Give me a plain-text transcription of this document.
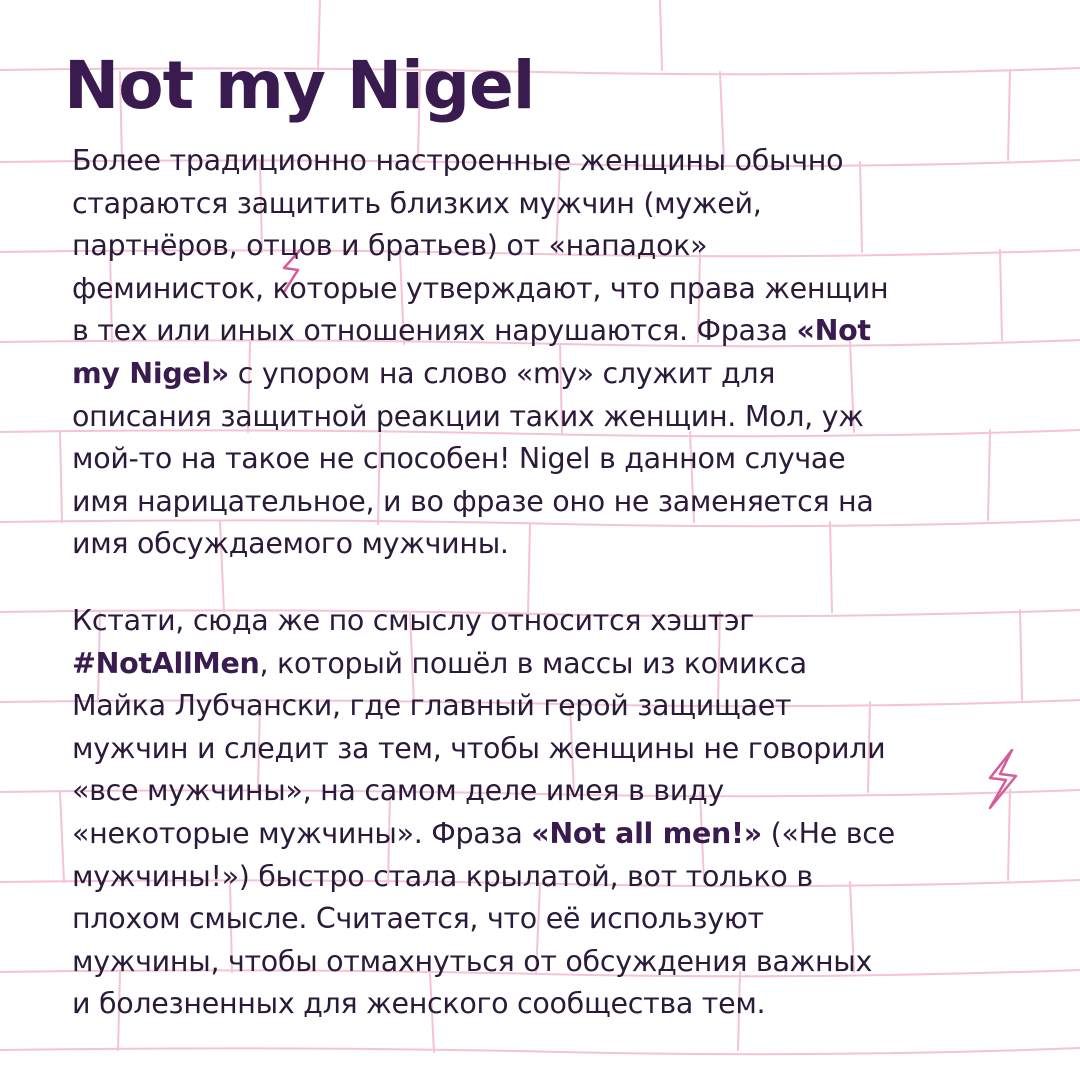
Not my Nigel
Более традиционно настроенные женщины обычно
стараются защитить близких мужчин (мужей,
партнёров, отцов и братьев) от «нападок»
феминисток, которые утверждают, что права женщин
в тех или иных отношениях нарушаются. Фраза «Not
my Nigel» с упором на слово «my» служит для
описания защитной реакции таких женщин. Мол, уж
мой-то на такое не способен! Nigel в данном случае
имя нарицательное, и во фразе оно не заменяется на
имя обсуждаемого мужчины.
Кстати, сюда же по смыслу относится хэштэг
#NotAllMen, который пошёл в массы из комикса
Майка Лубчански, где главный герой защищает
мужчин и следит за тем, чтобы женщины не говорили
«все мужчины», на самом деле имея в виду
«некоторые мужчины». Фраза «Not all men!» («Не все
мужчины!») быстро стала крылатой, вот только в
плохом смысле. Считается, что её используют
мужчины, чтобы отмахнуться от обсуждения важных
и болезненных для женского сообщества тем.
